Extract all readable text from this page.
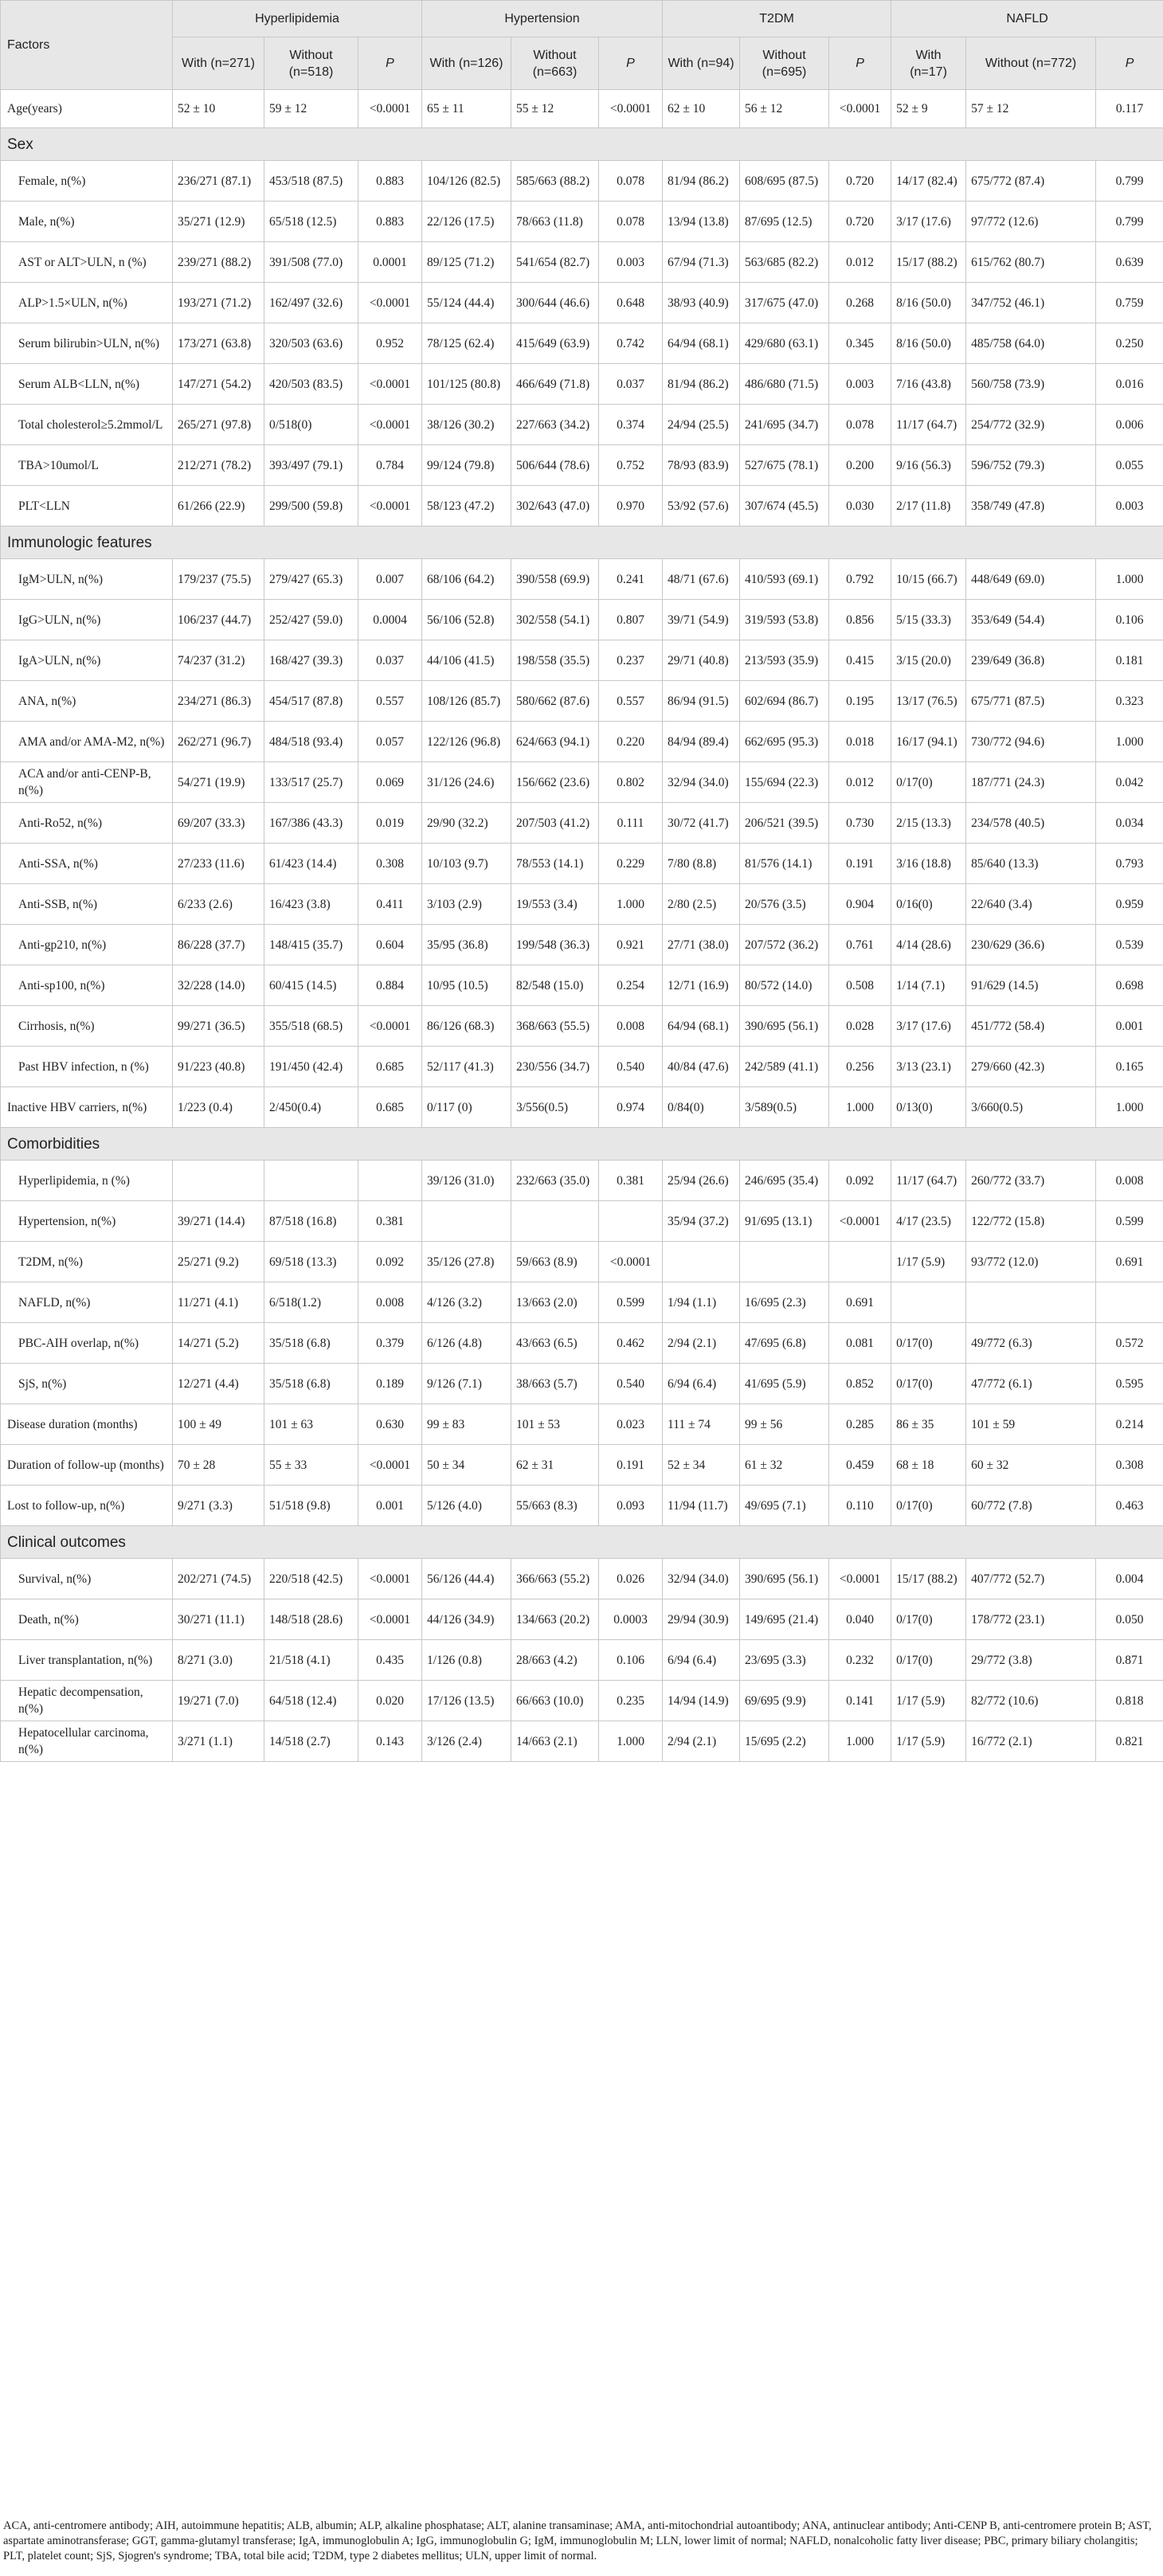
Factors	Hyperlipidemia			Hypertension			T2DM			NAFLD		
	With (n=271)	Without (n=518)	P	With (n=126)	Without (n=663)	P	With (n=94)	Without (n=695)	P	With (n=17)	Without (n=772)	P
Age(years)	52 ± 10	59 ± 12	<0.0001	65 ± 11	55 ± 12	<0.0001	62 ± 10	56 ± 12	<0.0001	52 ± 9	57 ± 12	0.117
Sex												
Female, n(%)	236/271 (87.1)	453/518 (87.5)	0.883	104/126 (82.5)	585/663 (88.2)	0.078	81/94 (86.2)	608/695 (87.5)	0.720	14/17 (82.4)	675/772 (87.4)	0.799
Male, n(%)	35/271 (12.9)	65/518 (12.5)	0.883	22/126 (17.5)	78/663 (11.8)	0.078	13/94 (13.8)	87/695 (12.5)	0.720	3/17 (17.6)	97/772 (12.6)	0.799
AST or ALT>ULN, n (%)	239/271 (88.2)	391/508 (77.0)	0.0001	89/125 (71.2)	541/654 (82.7)	0.003	67/94 (71.3)	563/685 (82.2)	0.012	15/17 (88.2)	615/762 (80.7)	0.639
ALP>1.5×ULN, n(%)	193/271 (71.2)	162/497 (32.6)	<0.0001	55/124 (44.4)	300/644 (46.6)	0.648	38/93 (40.9)	317/675 (47.0)	0.268	8/16 (50.0)	347/752 (46.1)	0.759
Serum bilirubin>ULN, n(%)	173/271 (63.8)	320/503 (63.6)	0.952	78/125 (62.4)	415/649 (63.9)	0.742	64/94 (68.1)	429/680 (63.1)	0.345	8/16 (50.0)	485/758 (64.0)	0.250
Serum ALB<LLN, n(%)	147/271 (54.2)	420/503 (83.5)	<0.0001	101/125 (80.8)	466/649 (71.8)	0.037	81/94 (86.2)	486/680 (71.5)	0.003	7/16 (43.8)	560/758 (73.9)	0.016
Total cholesterol≥5.2mmol/L	265/271 (97.8)	0/518(0)	<0.0001	38/126 (30.2)	227/663 (34.2)	0.374	24/94 (25.5)	241/695 (34.7)	0.078	11/17 (64.7)	254/772 (32.9)	0.006
TBA>10umol/L	212/271 (78.2)	393/497 (79.1)	0.784	99/124 (79.8)	506/644 (78.6)	0.752	78/93 (83.9)	527/675 (78.1)	0.200	9/16 (56.3)	596/752 (79.3)	0.055
PLT<LLN	61/266 (22.9)	299/500 (59.8)	<0.0001	58/123 (47.2)	302/643 (47.0)	0.970	53/92 (57.6)	307/674 (45.5)	0.030	2/17 (11.8)	358/749 (47.8)	0.003
Immunologic features												
IgM>ULN, n(%)	179/237 (75.5)	279/427 (65.3)	0.007	68/106 (64.2)	390/558 (69.9)	0.241	48/71 (67.6)	410/593 (69.1)	0.792	10/15 (66.7)	448/649 (69.0)	1.000
IgG>ULN, n(%)	106/237 (44.7)	252/427 (59.0)	0.0004	56/106 (52.8)	302/558 (54.1)	0.807	39/71 (54.9)	319/593 (53.8)	0.856	5/15 (33.3)	353/649 (54.4)	0.106
IgA>ULN, n(%)	74/237 (31.2)	168/427 (39.3)	0.037	44/106 (41.5)	198/558 (35.5)	0.237	29/71 (40.8)	213/593 (35.9)	0.415	3/15 (20.0)	239/649 (36.8)	0.181
ANA, n(%)	234/271 (86.3)	454/517 (87.8)	0.557	108/126 (85.7)	580/662 (87.6)	0.557	86/94 (91.5)	602/694 (86.7)	0.195	13/17 (76.5)	675/771 (87.5)	0.323
AMA and/or AMA-M2, n(%)	262/271 (96.7)	484/518 (93.4)	0.057	122/126 (96.8)	624/663 (94.1)	0.220	84/94 (89.4)	662/695 (95.3)	0.018	16/17 (94.1)	730/772 (94.6)	1.000
ACA and/or anti-CENP-B, n(%)	54/271 (19.9)	133/517 (25.7)	0.069	31/126 (24.6)	156/662 (23.6)	0.802	32/94 (34.0)	155/694 (22.3)	0.012	0/17(0)	187/771 (24.3)	0.042
Anti-Ro52, n(%)	69/207 (33.3)	167/386 (43.3)	0.019	29/90 (32.2)	207/503 (41.2)	0.111	30/72 (41.7)	206/521 (39.5)	0.730	2/15 (13.3)	234/578 (40.5)	0.034
Anti-SSA, n(%)	27/233 (11.6)	61/423 (14.4)	0.308	10/103 (9.7)	78/553 (14.1)	0.229	7/80 (8.8)	81/576 (14.1)	0.191	3/16 (18.8)	85/640 (13.3)	0.793
Anti-SSB, n(%)	6/233 (2.6)	16/423 (3.8)	0.411	3/103 (2.9)	19/553 (3.4)	1.000	2/80 (2.5)	20/576 (3.5)	0.904	0/16(0)	22/640 (3.4)	0.959
Anti-gp210, n(%)	86/228 (37.7)	148/415 (35.7)	0.604	35/95 (36.8)	199/548 (36.3)	0.921	27/71 (38.0)	207/572 (36.2)	0.761	4/14 (28.6)	230/629 (36.6)	0.539
Anti-sp100, n(%)	32/228 (14.0)	60/415 (14.5)	0.884	10/95 (10.5)	82/548 (15.0)	0.254	12/71 (16.9)	80/572 (14.0)	0.508	1/14 (7.1)	91/629 (14.5)	0.698
Cirrhosis, n(%)	99/271 (36.5)	355/518 (68.5)	<0.0001	86/126 (68.3)	368/663 (55.5)	0.008	64/94 (68.1)	390/695 (56.1)	0.028	3/17 (17.6)	451/772 (58.4)	0.001
Past HBV infection, n (%)	91/223 (40.8)	191/450 (42.4)	0.685	52/117 (41.3)	230/556 (34.7)	0.540	40/84 (47.6)	242/589 (41.1)	0.256	3/13 (23.1)	279/660 (42.3)	0.165
Inactive HBV carriers, n(%)	1/223 (0.4)	2/450(0.4)	0.685	0/117 (0)	3/556(0.5)	0.974	0/84(0)	3/589(0.5)	1.000	0/13(0)	3/660(0.5)	1.000
Comorbidities												
Hyperlipidemia, n (%)				39/126 (31.0)	232/663 (35.0)	0.381	25/94 (26.6)	246/695 (35.4)	0.092	11/17 (64.7)	260/772 (33.7)	0.008
Hypertension, n(%)	39/271 (14.4)	87/518 (16.8)	0.381				35/94 (37.2)	91/695 (13.1)	<0.0001	4/17 (23.5)	122/772 (15.8)	0.599
T2DM, n(%)	25/271 (9.2)	69/518 (13.3)	0.092	35/126 (27.8)	59/663 (8.9)	<0.0001				1/17 (5.9)	93/772 (12.0)	0.691
NAFLD, n(%)	11/271 (4.1)	6/518(1.2)	0.008	4/126 (3.2)	13/663 (2.0)	0.599	1/94 (1.1)	16/695 (2.3)	0.691			
PBC-AIH overlap, n(%)	14/271 (5.2)	35/518 (6.8)	0.379	6/126 (4.8)	43/663 (6.5)	0.462	2/94 (2.1)	47/695 (6.8)	0.081	0/17(0)	49/772 (6.3)	0.572
SjS, n(%)	12/271 (4.4)	35/518 (6.8)	0.189	9/126 (7.1)	38/663 (5.7)	0.540	6/94 (6.4)	41/695 (5.9)	0.852	0/17(0)	47/772 (6.1)	0.595
Disease duration (months)	100 ± 49	101 ± 63	0.630	99 ± 83	101 ± 53	0.023	111 ± 74	99 ± 56	0.285	86 ± 35	101 ± 59	0.214
Duration of follow-up (months)	70 ± 28	55 ± 33	<0.0001	50 ± 34	62 ± 31	0.191	52 ± 34	61 ± 32	0.459	68 ± 18	60 ± 32	0.308
Lost to follow-up, n(%)	9/271 (3.3)	51/518 (9.8)	0.001	5/126 (4.0)	55/663 (8.3)	0.093	11/94 (11.7)	49/695 (7.1)	0.110	0/17(0)	60/772 (7.8)	0.463
Clinical outcomes												
Survival, n(%)	202/271 (74.5)	220/518 (42.5)	<0.0001	56/126 (44.4)	366/663 (55.2)	0.026	32/94 (34.0)	390/695 (56.1)	<0.0001	15/17 (88.2)	407/772 (52.7)	0.004
Death, n(%)	30/271 (11.1)	148/518 (28.6)	<0.0001	44/126 (34.9)	134/663 (20.2)	0.0003	29/94 (30.9)	149/695 (21.4)	0.040	0/17(0)	178/772 (23.1)	0.050
Liver transplantation, n(%)	8/271 (3.0)	21/518 (4.1)	0.435	1/126 (0.8)	28/663 (4.2)	0.106	6/94 (6.4)	23/695 (3.3)	0.232	0/17(0)	29/772 (3.8)	0.871
Hepatic decompensation, n(%)	19/271 (7.0)	64/518 (12.4)	0.020	17/126 (13.5)	66/663 (10.0)	0.235	14/94 (14.9)	69/695 (9.9)	0.141	1/17 (5.9)	82/772 (10.6)	0.818
Hepatocellular carcinoma, n(%)	3/271 (1.1)	14/518 (2.7)	0.143	3/126 (2.4)	14/663 (2.1)	1.000	2/94 (2.1)	15/695 (2.2)	1.000	1/17 (5.9)	16/772 (2.1)	0.821
ACA, anti-centromere antibody; AIH, autoimmune hepatitis; ALB, albumin; ALP, alkaline phosphatase; ALT, alanine transaminase; AMA, anti-mitochondrial autoantibody; ANA, antinuclear antibody; Anti-CENP B, anti-centromere protein B; AST, aspartate aminotransferase; GGT, gamma-glutamyl transferase; IgA, immunoglobulin A; IgG, immunoglobulin G; IgM, immunoglobulin M; LLN, lower limit of normal; NAFLD, nonalcoholic fatty liver disease; PBC, primary biliary cholangitis; PLT, platelet count; SjS, Sjogren's syndrome; TBA, total bile acid; T2DM, type 2 diabetes mellitus; ULN, upper limit of normal.
